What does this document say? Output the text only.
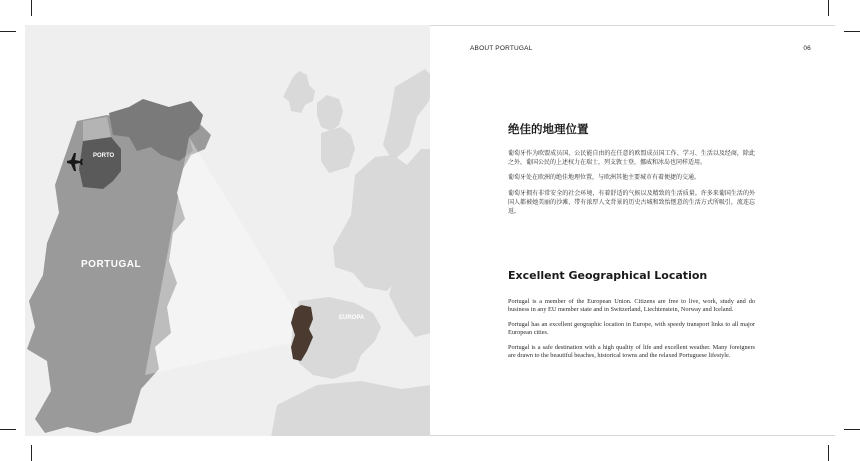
PORTO
PORTUGAL
EUROPA
ABOUT PORTUGAL	06
绝佳的地理位置

葡萄牙作为欧盟成员国，公民能自由的在任意的欧盟成员国工作、学习、生活以及经商，除此之外，葡国公民的上述权力在瑞士，列支敦士登，挪威和冰岛也同样适用。

葡萄牙处在欧洲的绝佳地理位置，与欧洲其他主要城市有着便捷的交通。

葡萄牙拥有非常安全的社会环境，有着舒适的气候以及精致的生活质量。许多来葡国生活的外国人都被她美丽的沙滩，带有浓厚人文背景的历史古城和致怡惬意的生活方式所吸引，流连忘返。

Excellent Geographical Location

Portugal is a member of the European Union. Citizens are free to live, work, study and do business in any EU member state and in Switzerland, Liechtenstein, Norway and Iceland.

Portugal has an excellent geographic location in Europe, with speedy transport links to all major European cities.

Portugal is a safe destination with a high quality of life and excellent weather. Many foreigners are drawn to the beautiful beaches, historical towns and the relaxed Portuguese lifestyle.
